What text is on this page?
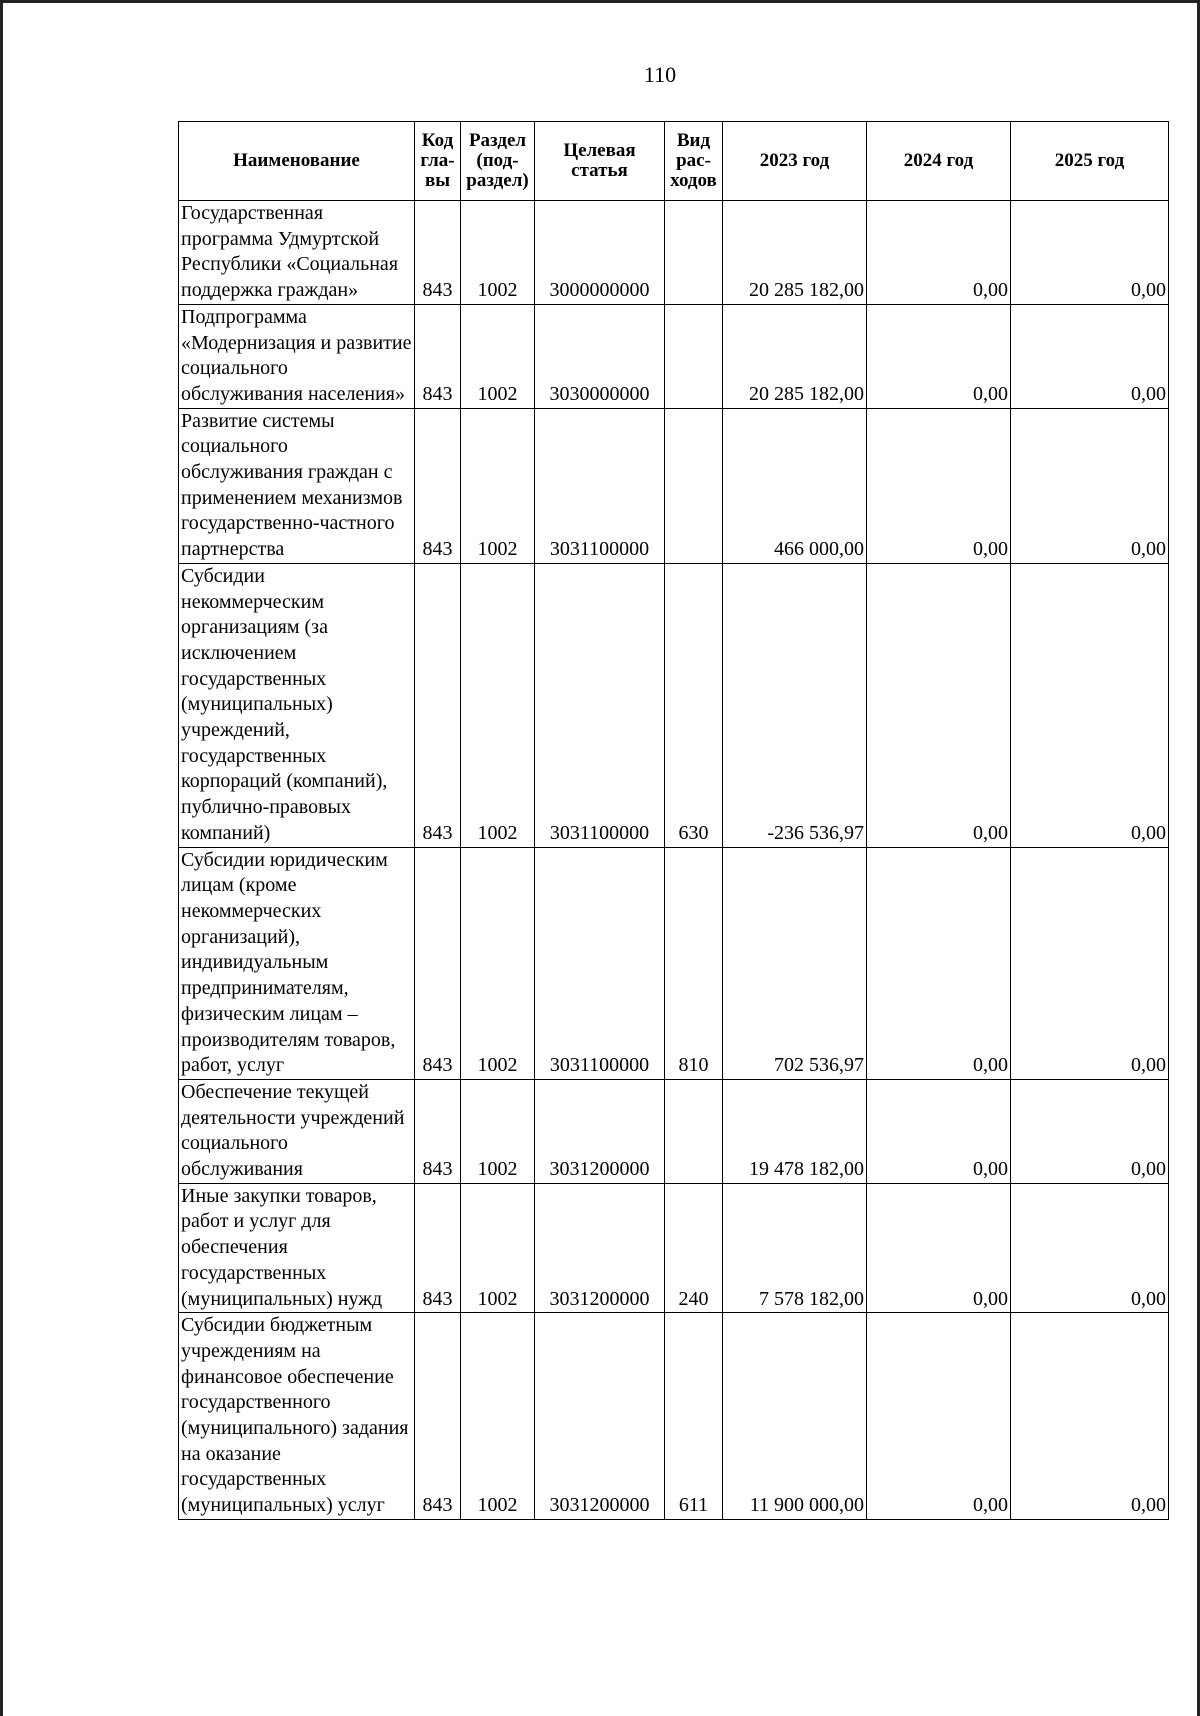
110
Наименование	Код гла-вы	Раздел (под-раздел)	Целевая статья	Вид рас-ходов	2023 год	2024 год	2025 год
Государственная программа Удмуртской Республики «Социальная поддержка граждан»	843	1002	3000000000		20 285 182,00	0,00	0,00
Подпрограмма «Модернизация и развитие социального обслуживания населения»	843	1002	3030000000		20 285 182,00	0,00	0,00
Развитие системы социального обслуживания граждан с применением механизмов государственно-частного партнерства	843	1002	3031100000		466 000,00	0,00	0,00
Субсидии некоммерческим организациям (за исключением государственных (муниципальных) учреждений, государственных корпораций (компаний), публично-правовых компаний)	843	1002	3031100000	630	-236 536,97	0,00	0,00
Субсидии юридическим лицам (кроме некоммерческих организаций), индивидуальным предпринимателям, физическим лицам – производителям товаров, работ, услуг	843	1002	3031100000	810	702 536,97	0,00	0,00
Обеспечение текущей деятельности учреждений социального обслуживания	843	1002	3031200000		19 478 182,00	0,00	0,00
Иные закупки товаров, работ и услуг для обеспечения государственных (муниципальных) нужд	843	1002	3031200000	240	7 578 182,00	0,00	0,00
Субсидии бюджетным учреждениям на финансовое обеспечение государственного (муниципального) задания на оказание государственных (муниципальных) услуг	843	1002	3031200000	611	11 900 000,00	0,00	0,00
